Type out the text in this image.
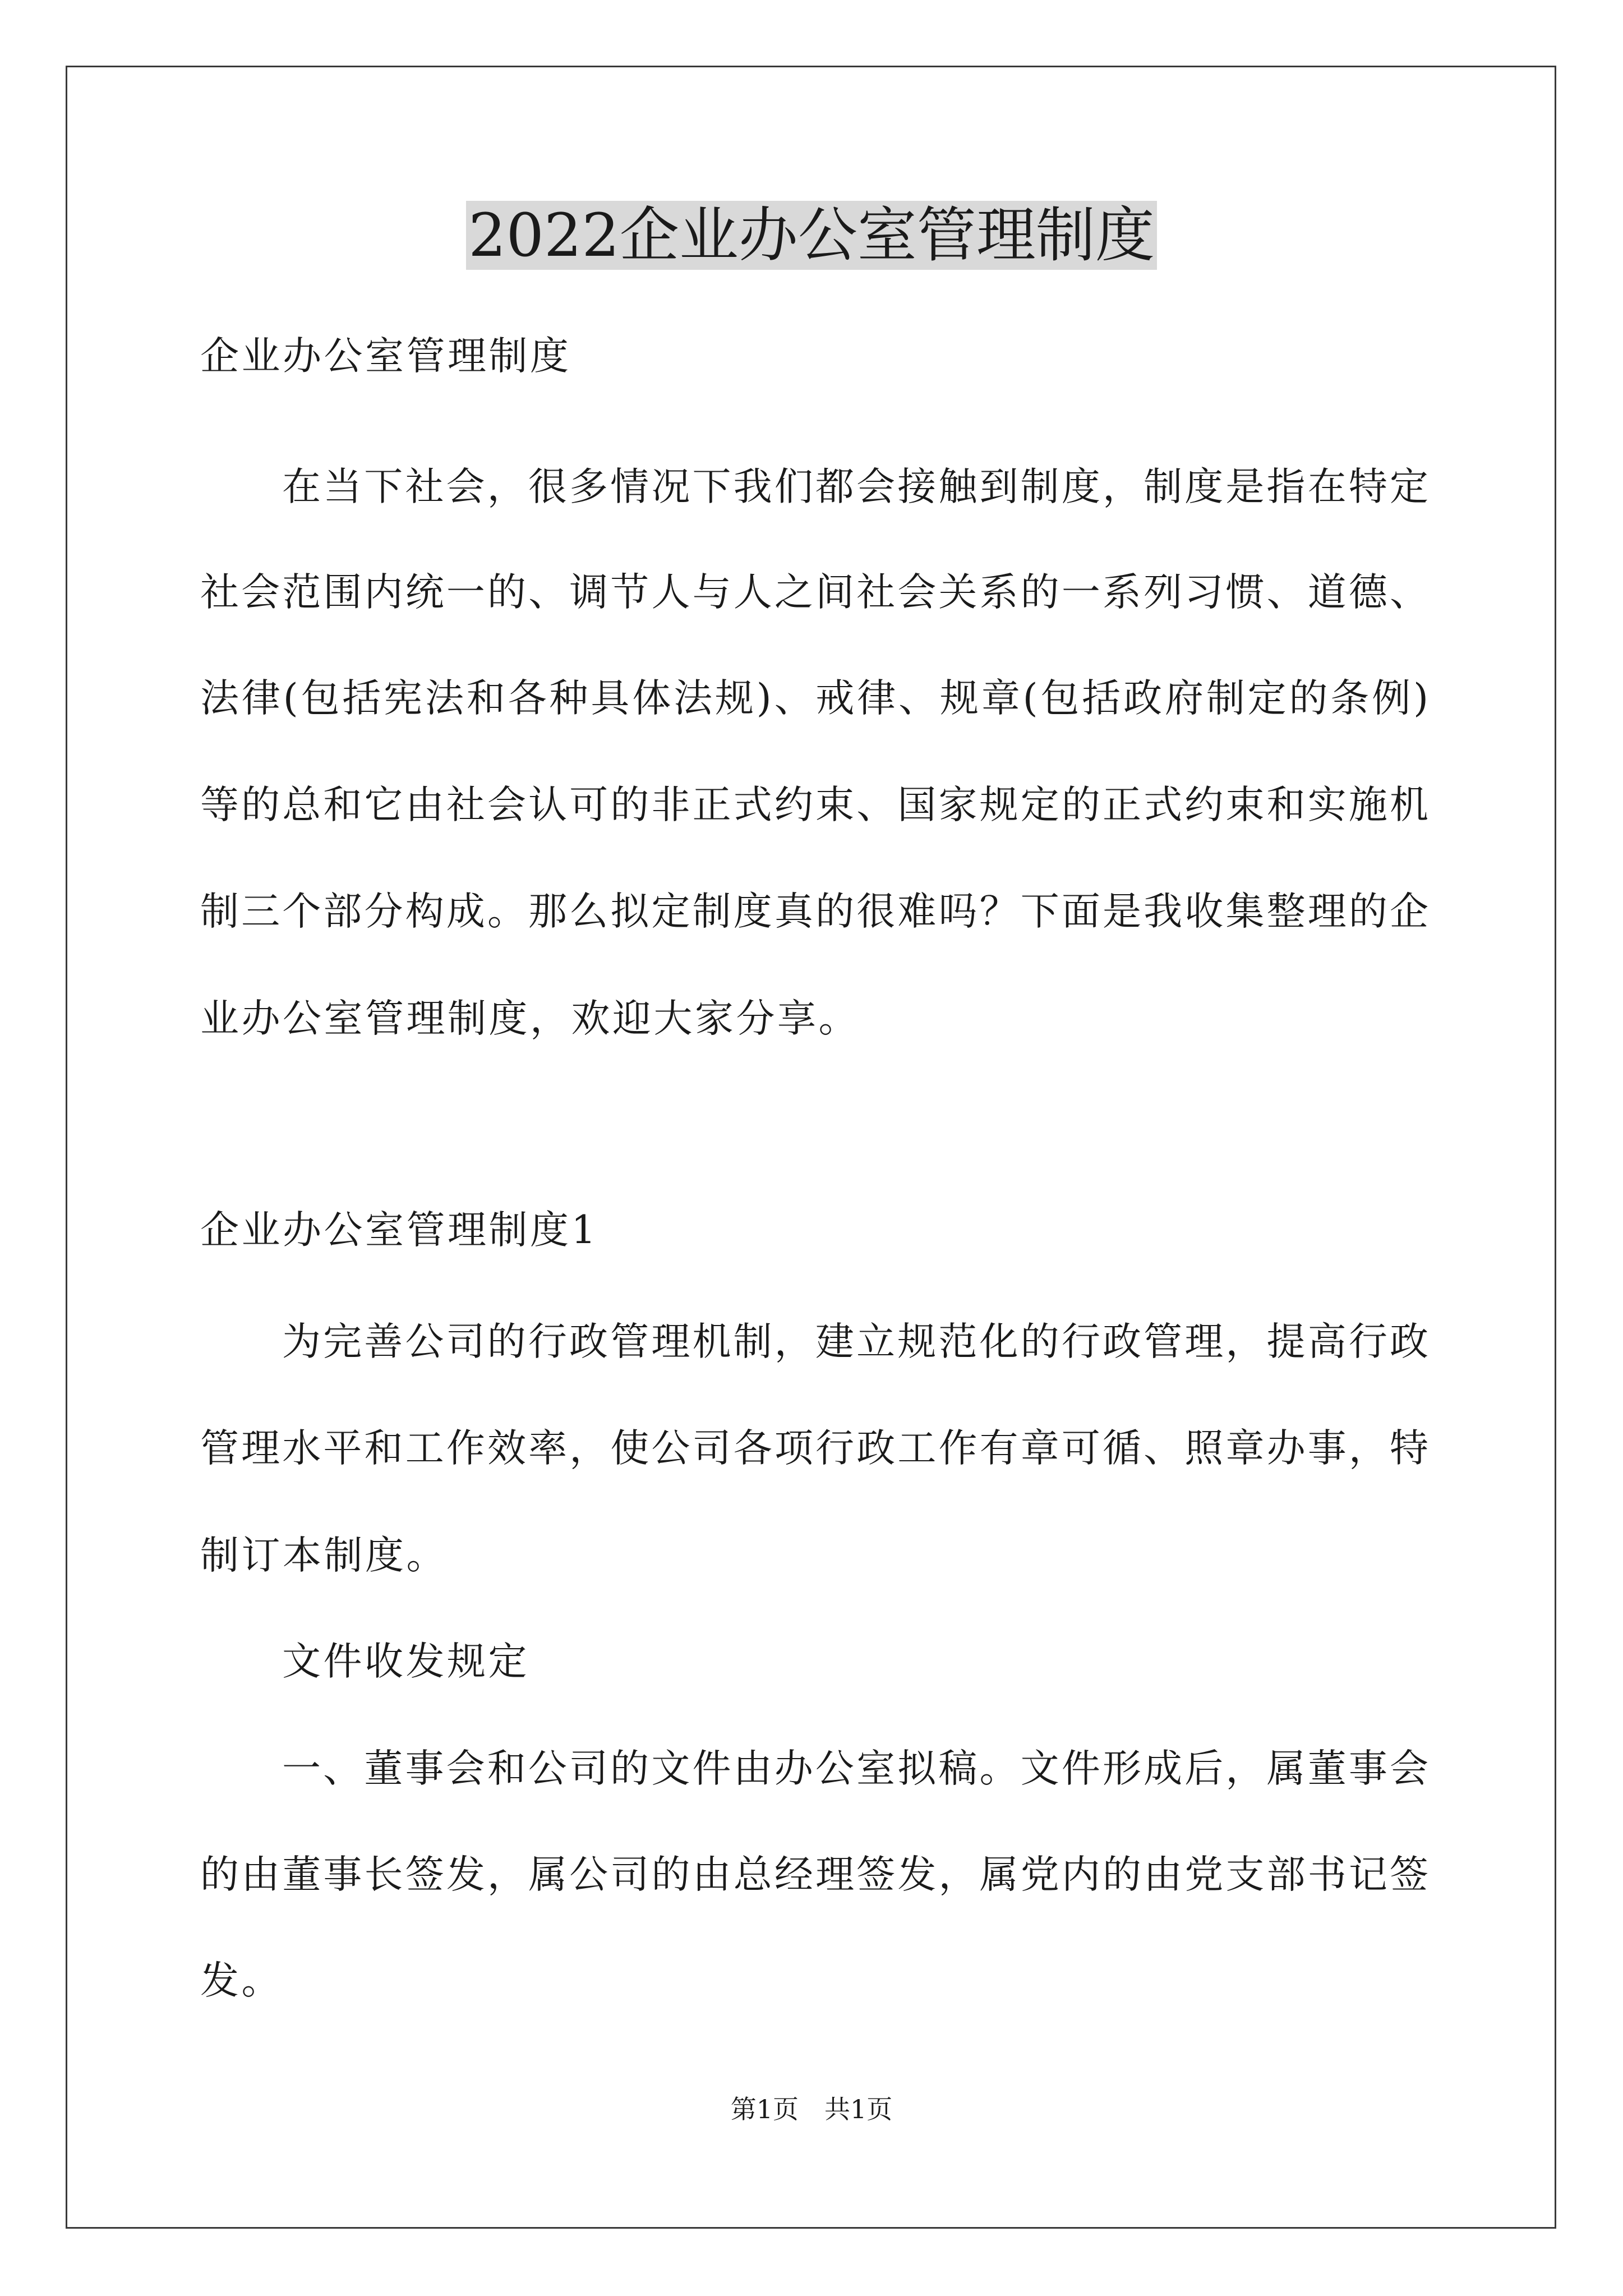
2022企业办公室管理制度

企业办公室管理制度

在当下社会，很多情况下我们都会接触到制度，制度是指在特定

社会范围内统一的、调节人与人之间社会关系的一系列习惯、道德、

法律(包括宪法和各种具体法规)、戒律、规章(包括政府制定的条例)

等的总和它由社会认可的非正式约束、国家规定的正式约束和实施机

制三个部分构成。那么拟定制度真的很难吗？下面是我收集整理的企

业办公室管理制度，欢迎大家分享。

企业办公室管理制度1

为完善公司的行政管理机制，建立规范化的行政管理，提高行政

管理水平和工作效率，使公司各项行政工作有章可循、照章办事，特

制订本制度。

文件收发规定

一、董事会和公司的文件由办公室拟稿。文件形成后，属董事会

的由董事长签发，属公司的由总经理签发，属党内的由党支部书记签

发。

第1页　共1页
